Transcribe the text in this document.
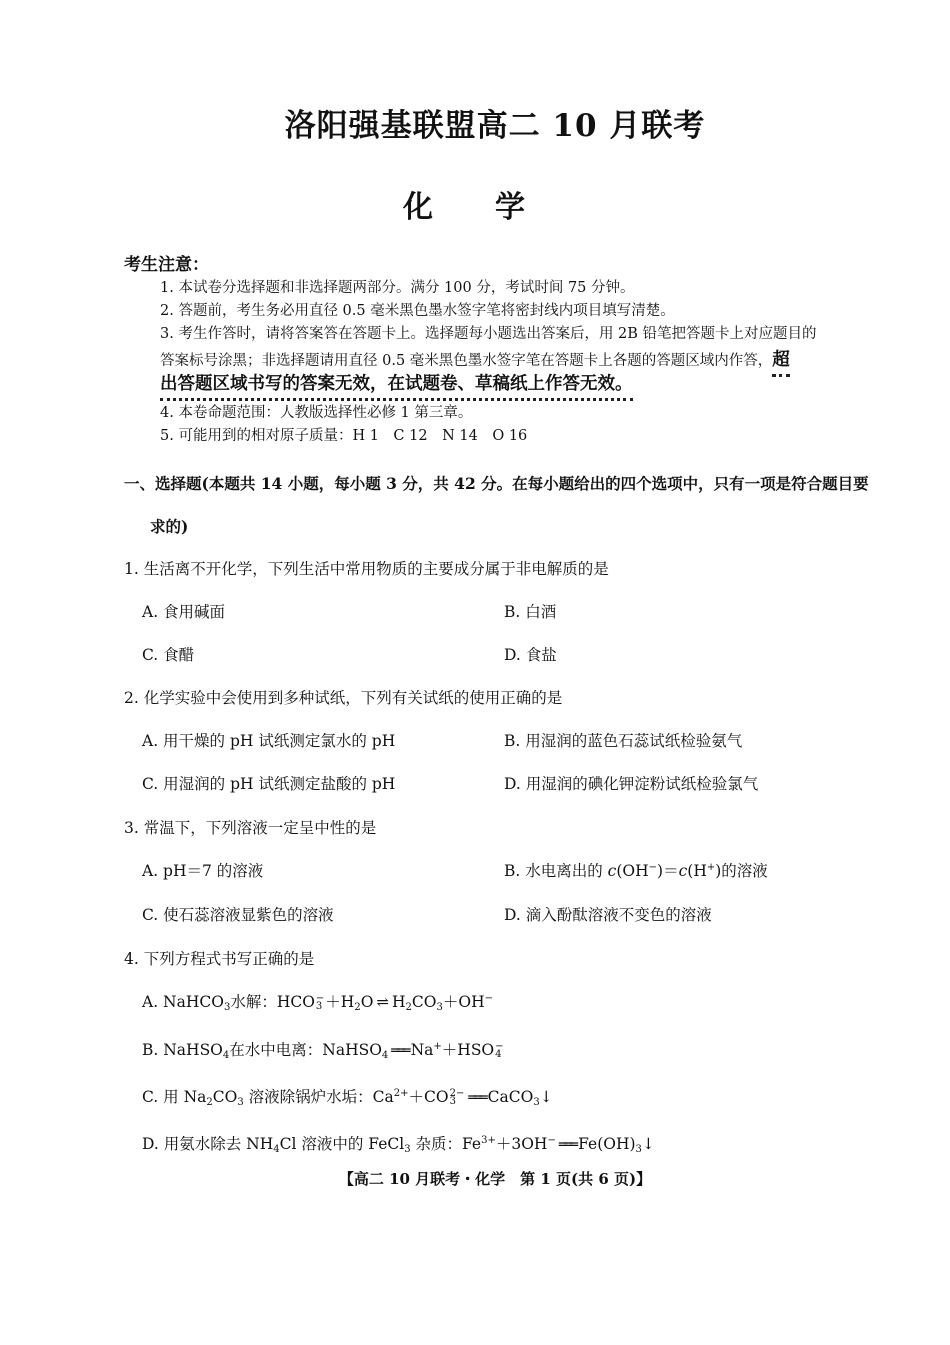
洛阳强基联盟高二 10 月联考
化学
考生注意：
1. 本试卷分选择题和非选择题两部分。满分 100 分，考试时间 75 分钟。
2. 答题前，考生务必用直径 0.5 毫米黑色墨水签字笔将密封线内项目填写清楚。
3. 考生作答时，请将答案答在答题卡上。选择题每小题选出答案后，用 2B 铅笔把答题卡上对应题目的
答案标号涂黑；非选择题请用直径 0.5 毫米黑色墨水签字笔在答题卡上各题的答题区域内作答，超
出答题区域书写的答案无效，在试题卷、草稿纸上作答无效。
4. 本卷命题范围：人教版选择性必修 1 第三章。
5. 可能用到的相对原子质量：H 1　C 12　N 14　O 16
一、选择题(本题共 14 小题，每小题 3 分，共 42 分。在每小题给出的四个选项中，只有一项是符合题目要
求的)
1. 生活离不开化学，下列生活中常用物质的主要成分属于非电解质的是
A. 食用碱面	B. 白酒
C. 食醋	D. 食盐
2. 化学实验中会使用到多种试纸，下列有关试纸的使用正确的是
A. 用干燥的 pH 试纸测定氯水的 pH	B. 用湿润的蓝色石蕊试纸检验氨气
C. 用湿润的 pH 试纸测定盐酸的 pH	D. 用湿润的碘化钾淀粉试纸检验氯气
3. 常温下，下列溶液一定呈中性的是
A. pH＝7 的溶液	B. 水电离出的 c(OH−)＝c(H+)的溶液
C. 使石蕊溶液显紫色的溶液	D. 滴入酚酞溶液不变色的溶液
4. 下列方程式书写正确的是
A. NaHCO$_3$水解：HCO −
$3 +H_2O$ ⇌ $H_2CO_3+OH^-$
B. NaHSO$_4$在水中电离：NaHSO$_4$ ═══ Na+＋HSO −
4
C. 用 $Na_2CO_3$ 溶液除锅炉水垢：$Ca^{2+}+CO$ 2−
3 ═══ CaCO$_3$↓
D. 用氨水除去 $NH_4Cl$ 溶液中的 FeCl$_3$ 杂质：$Fe^{3+}+3OH^-$ ═══ $Fe(OH)_3↓$
【高二 10 月联考・化学　第 1 页(共 6 页)】
